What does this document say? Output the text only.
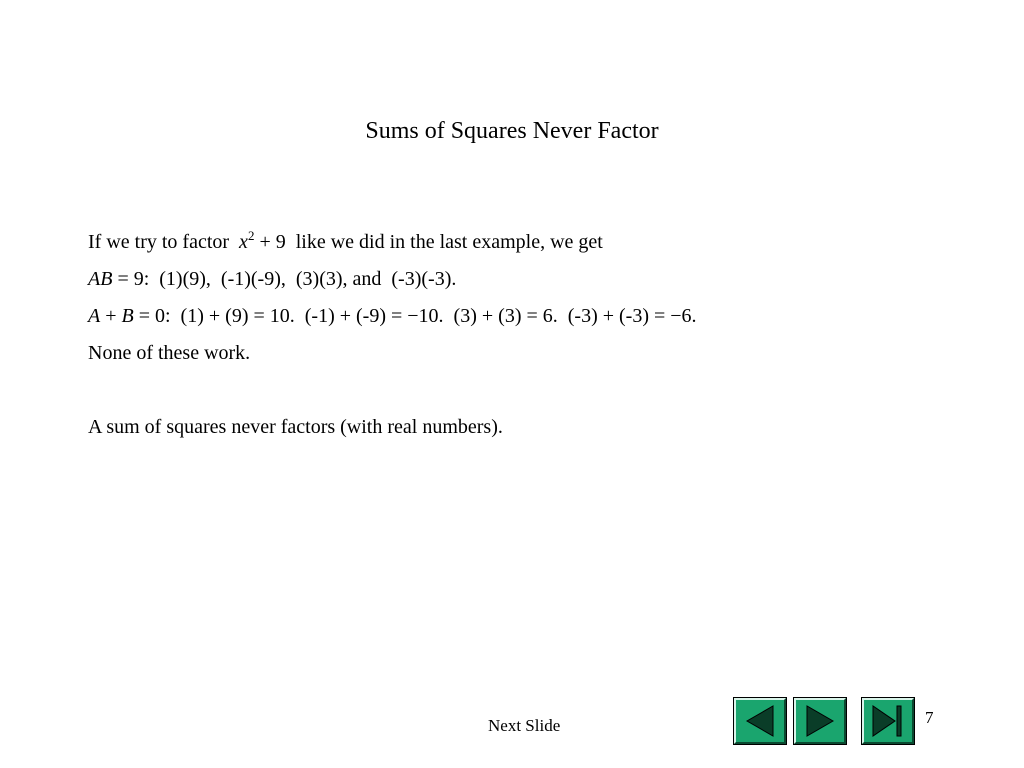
Sums of Squares Never Factor
If we try to factor  $x^2 + 9$  like we did in the last example, we get
AB = 9:  (1)(9),  (-1)(-9),  (3)(3), and  (-3)(-3).
A + B = 0:  (1) + (9) = 10.  (-1) + (-9) = −10.  (3) + (3) = 6.  (-3) + (-3) = −6.
None of these work.
A sum of squares never factors (with real numbers).
Next Slide	7
